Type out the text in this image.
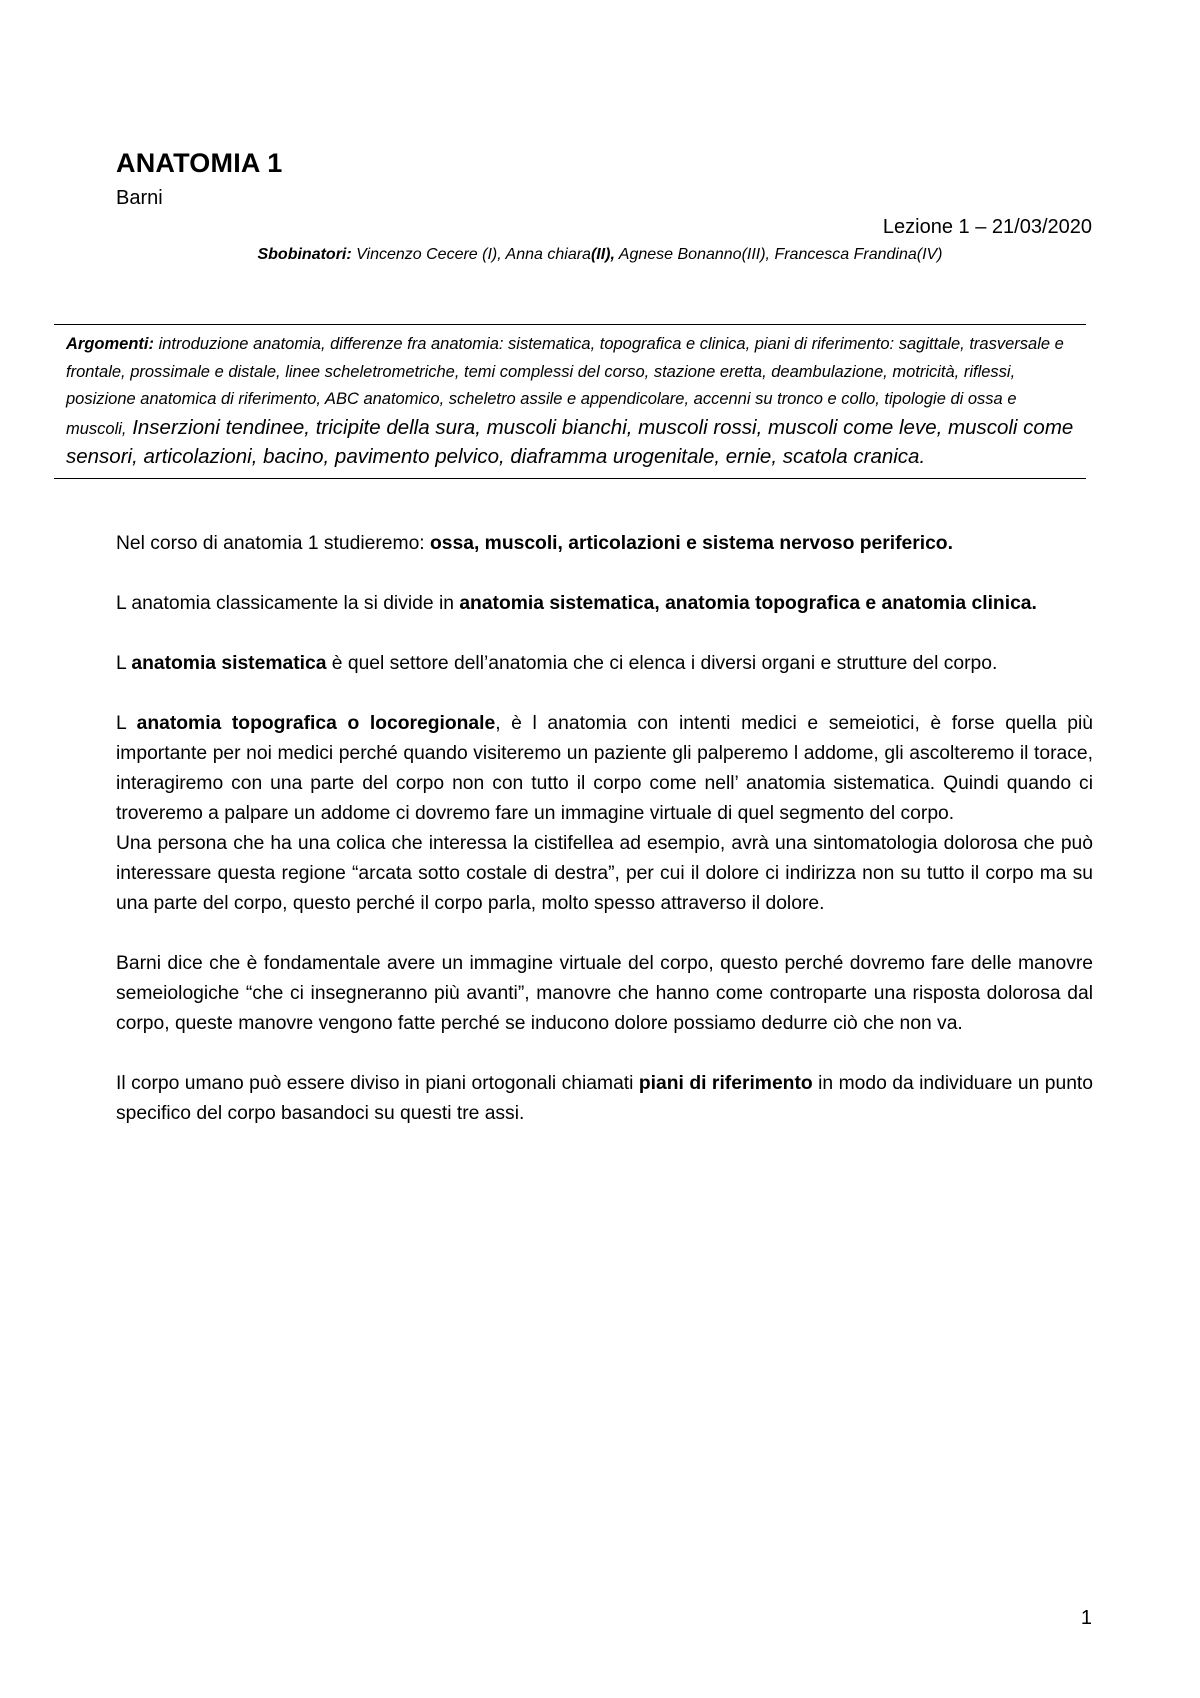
ANATOMIA 1
Barni
Lezione 1 – 21/03/2020
Sbobinatori: Vincenzo Cecere (I), Anna chiara(II), Agnese Bonanno(III), Francesca Frandina(IV)
Argomenti: introduzione anatomia, differenze fra anatomia: sistematica, topografica e clinica, piani di riferimento: sagittale, trasversale e frontale, prossimale e distale, linee scheletrometriche, temi complessi del corso, stazione eretta, deambulazione, motricità, riflessi, posizione anatomica di riferimento, ABC anatomico, scheletro assile e appendicolare, accenni su tronco e collo, tipologie di ossa e muscoli, Inserzioni tendinee, tricipite della sura, muscoli bianchi, muscoli rossi, muscoli come leve, muscoli come sensori, articolazioni, bacino, pavimento pelvico, diaframma urogenitale, ernie, scatola cranica.

Nel corso di anatomia 1 studieremo: ossa, muscoli, articolazioni e sistema nervoso periferico.

L anatomia classicamente la si divide in anatomia sistematica, anatomia topografica e anatomia clinica.

L anatomia sistematica è quel settore dell’anatomia che ci elenca i diversi organi e strutture del corpo.

L anatomia topografica o locoregionale, è l anatomia con intenti medici e semeiotici, è forse quella più importante per noi medici perché quando visiteremo un paziente gli palperemo l addome, gli ascolteremo il torace, interagiremo con una parte del corpo non con tutto il corpo come nell’ anatomia sistematica. Quindi quando ci troveremo a palpare un addome ci dovremo fare un immagine virtuale di quel segmento del corpo.

Una persona che ha una colica che interessa la cistifellea ad esempio, avrà una sintomatologia dolorosa che può interessare questa regione “arcata sotto costale di destra”, per cui il dolore ci indirizza non su tutto il corpo ma su una parte del corpo, questo perché il corpo parla, molto spesso attraverso il dolore.

Barni dice che è fondamentale avere un immagine virtuale del corpo, questo perché dovremo fare delle manovre semeiologiche “che ci insegneranno più avanti”, manovre che hanno come controparte una risposta dolorosa dal corpo, queste manovre vengono fatte perché se inducono dolore possiamo dedurre ciò che non va.

Il corpo umano può essere diviso in piani ortogonali chiamati piani di riferimento in modo da individuare un punto specifico del corpo basandoci su questi tre assi.

1
